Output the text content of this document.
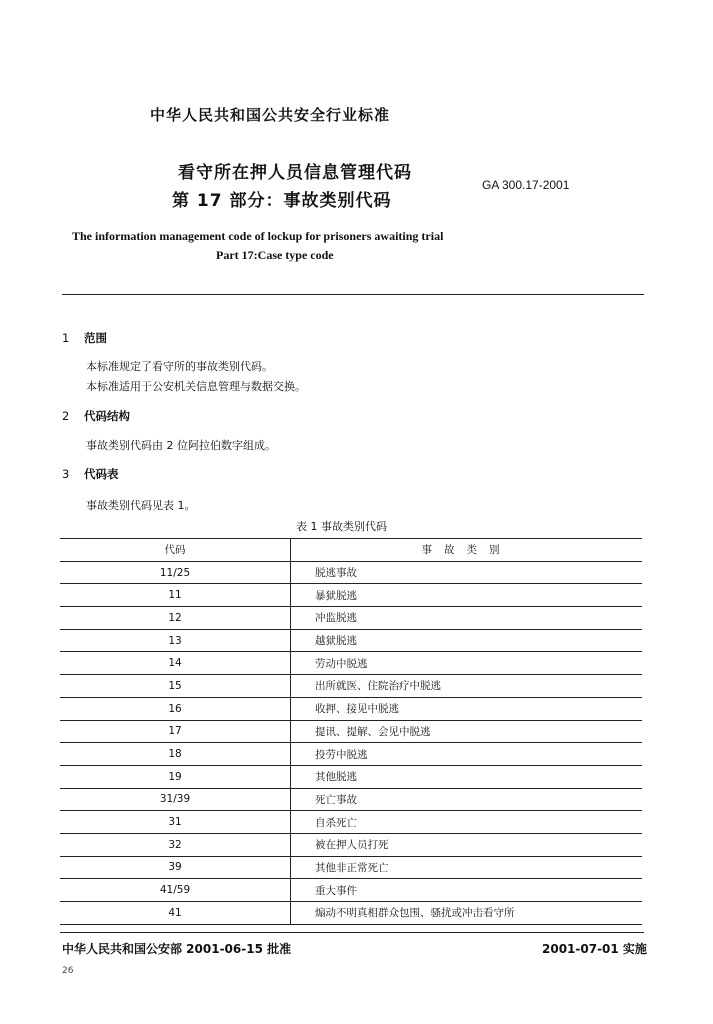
中华人民共和国公共安全行业标准
看守所在押人员信息管理代码
第 17 部分：事故类别代码
GA 300.17-2001
The information management code of lockup for prisoners awaiting trial
Part 17:Case type code
1 范围
本标准规定了看守所的事故类别代码。
本标准适用于公安机关信息管理与数据交换。
2 代码结构
事故类别代码由 2 位阿拉伯数字组成。
3 代码表
事故类别代码见表 1。
表 1 事故类别代码
代码	事故类别
11/25	脱逃事故
11	暴狱脱逃
12	冲监脱逃
13	越狱脱逃
14	劳动中脱逃
15	出所就医、住院治疗中脱逃
16	收押、接见中脱逃
17	提讯、提解、会见中脱逃
18	投劳中脱逃
19	其他脱逃
31/39	死亡事故
31	自杀死亡
32	被在押人员打死
39	其他非正常死亡
41/59	重大事件
41	煽动不明真相群众包围、骚扰或冲击看守所
中华人民共和国公安部 2001-06-15 批准	2001-07-01 实施
26
